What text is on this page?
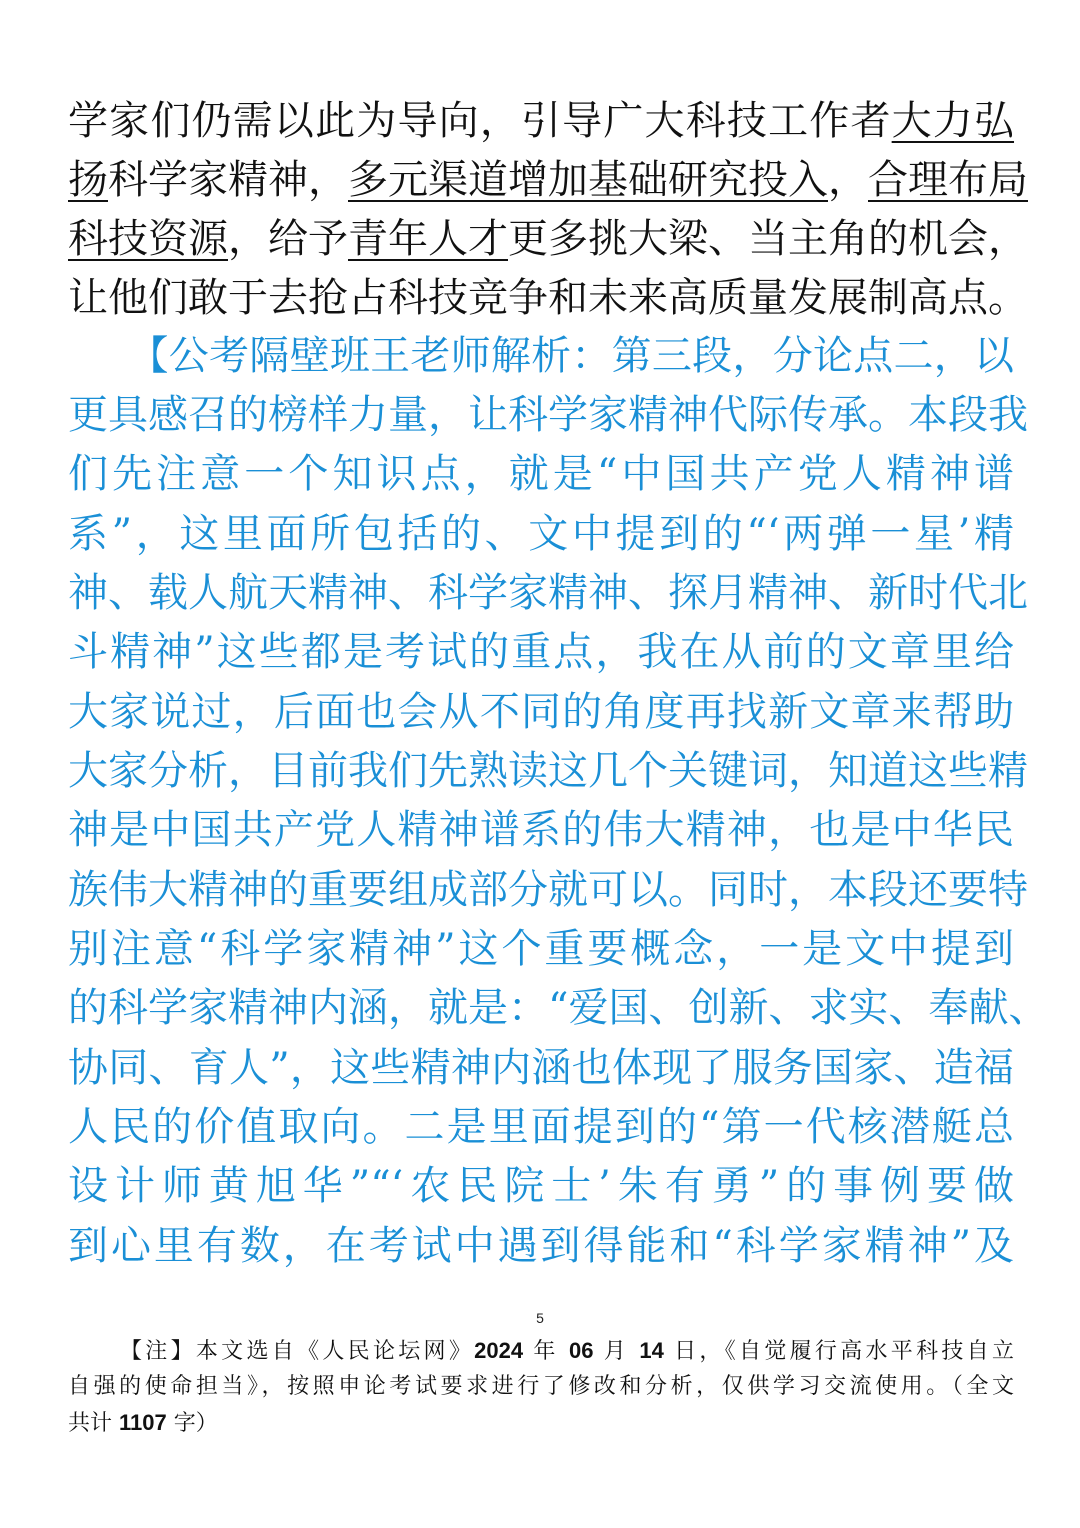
学家们仍需以此为导向，引导广大科技工作者大力弘
扬科学家精神，多元渠道增加基础研究投入，合理布局
科技资源，给予青年人才更多挑大梁、当主角的机会，
让他们敢于去抢占科技竞争和未来高质量发展制高点。
　　【公考隔壁班王老师解析：第三段，分论点二，以
更具感召的榜样力量，让科学家精神代际传承。本段我
们先注意一个知识点，就是“中国共产党人精神谱
系”，这里面所包括的、文中提到的“‘两弹一星’精
神、载人航天精神、科学家精神、探月精神、新时代北
斗精神”这些都是考试的重点，我在从前的文章里给
大家说过，后面也会从不同的角度再找新文章来帮助
大家分析，目前我们先熟读这几个关键词，知道这些精
神是中国共产党人精神谱系的伟大精神，也是中华民
族伟大精神的重要组成部分就可以。同时，本段还要特
别注意“科学家精神”这个重要概念，一是文中提到
的科学家精神内涵，就是：“爱国、创新、求实、奉献、
协同、育人”，这些精神内涵也体现了服务国家、造福
人民的价值取向。二是里面提到的“第一代核潜艇总
设计师黄旭华”“‘农民院士’朱有勇”的事例要做
到心里有数，在考试中遇到得能和“科学家精神”及
5
【注】本文选自《人民论坛网》2024 年 06 月 14 日，《自觉履行高水平科技自立
自强的使命担当》，按照申论考试要求进行了修改和分析，仅供学习交流使用。（全文
共计 1107 字）
